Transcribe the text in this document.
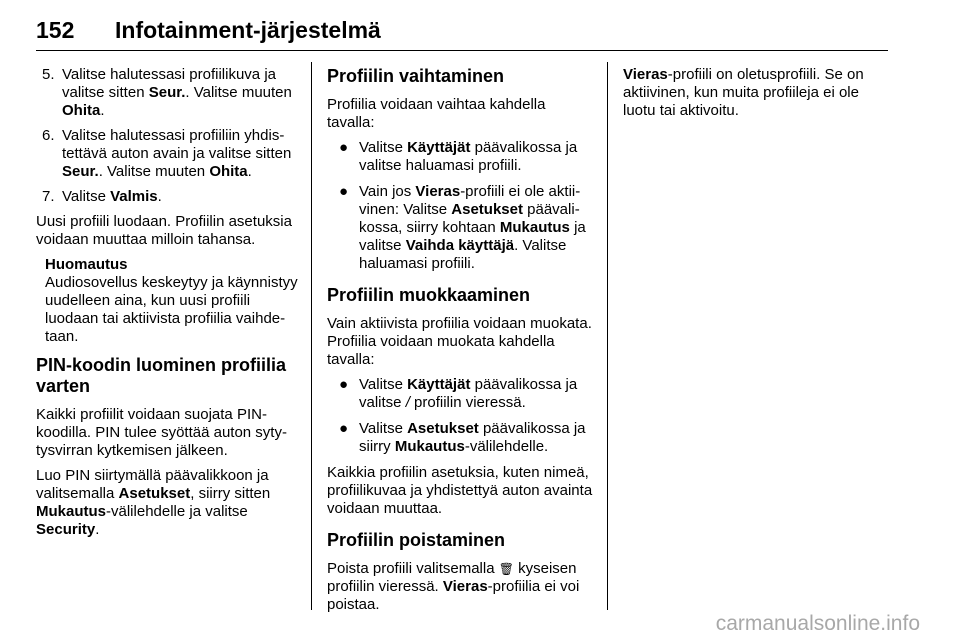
152 Infotainment-järjestelmä
5. Valitse halutessasi profiilikuva ja valitse sitten Seur.. Valitse muuten Ohita.
6. Valitse halutessasi profiiliin yhdistettävä auton avain ja valitse sitten Seur.. Valitse muuten Ohita.
7. Valitse Valmis.

Uusi profiili luodaan. Profiilin asetuksia voidaan muuttaa milloin tahansa.

Huomautus
Audiosovellus keskeytyy ja käynnistyy uudelleen aina, kun uusi profiili luodaan tai aktiivista profiilia vaihdetaan.
PIN-koodin luominen profiilia varten

Kaikki profiilit voidaan suojata PIN-koodilla. PIN tulee syöttää auton sytytysvirran kytkemisen jälkeen.

Luo PIN siirtymällä päävalikkoon ja valitsemalla Asetukset, siirry sitten Mukautus-välilehdelle ja valitse Security.

Profiilin vaihtaminen

Profiilia voidaan vaihtaa kahdella tavalla:

● Valitse Käyttäjät päävalikossa ja valitse haluamasi profiili.
● Vain jos Vieras-profiili ei ole aktiivinen: Valitse Asetukset päävalikossa, siirry kohtaan Mukautus ja valitse Vaihda käyttäjä. Valitse haluamasi profiili.
Profiilin muokkaaminen

Vain aktiivista profiilia voidaan muokata. Profiilia voidaan muokata kahdella tavalla:

● Valitse Käyttäjät päävalikossa ja valitse / profiilin vieressä.
● Valitse Asetukset päävalikossa ja siirry Mukautus-välilehdelle.

Kaikkia profiilin asetuksia, kuten nimeä, profiilikuvaa ja yhdistettyä auton avainta voidaan muuttaa.

Profiilin poistaminen

Poista profiili valitsemalla 🗑 kyseisen profiilin vieressä. Vieras-profiilia ei voi poistaa.

Vieras-profiili on oletusprofiili. Se on aktiivinen, kun muita profiileja ei ole luotu tai aktivoitu.

carmanualsonline.info
